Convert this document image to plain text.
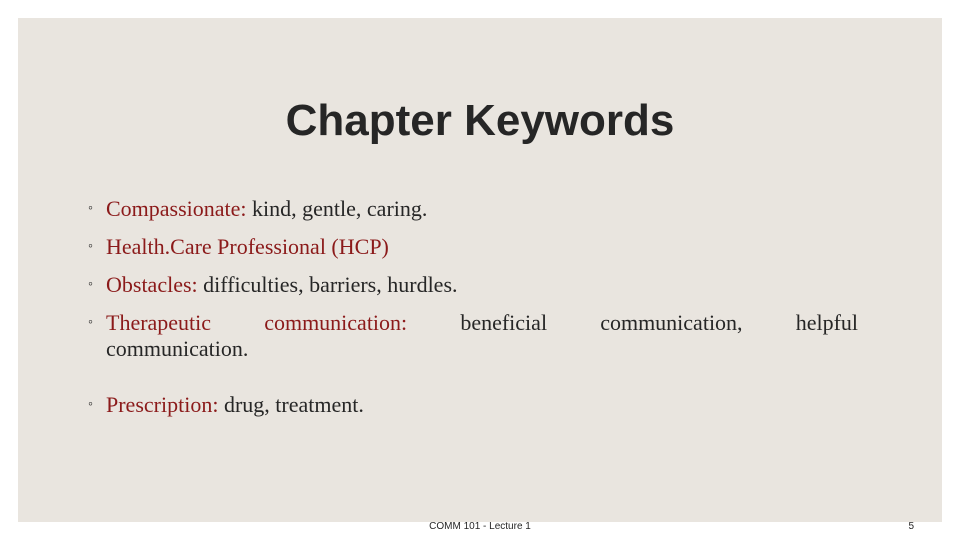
Chapter Keywords
◦ Compassionate: kind, gentle, caring.
◦ Health.Care Professional (HCP)
◦ Obstacles: difficulties, barriers, hurdles.
◦ Therapeutic communication: beneficial communication, helpful
communication.
◦ Prescription: drug, treatment.
COMM 101 - Lecture 1	5
